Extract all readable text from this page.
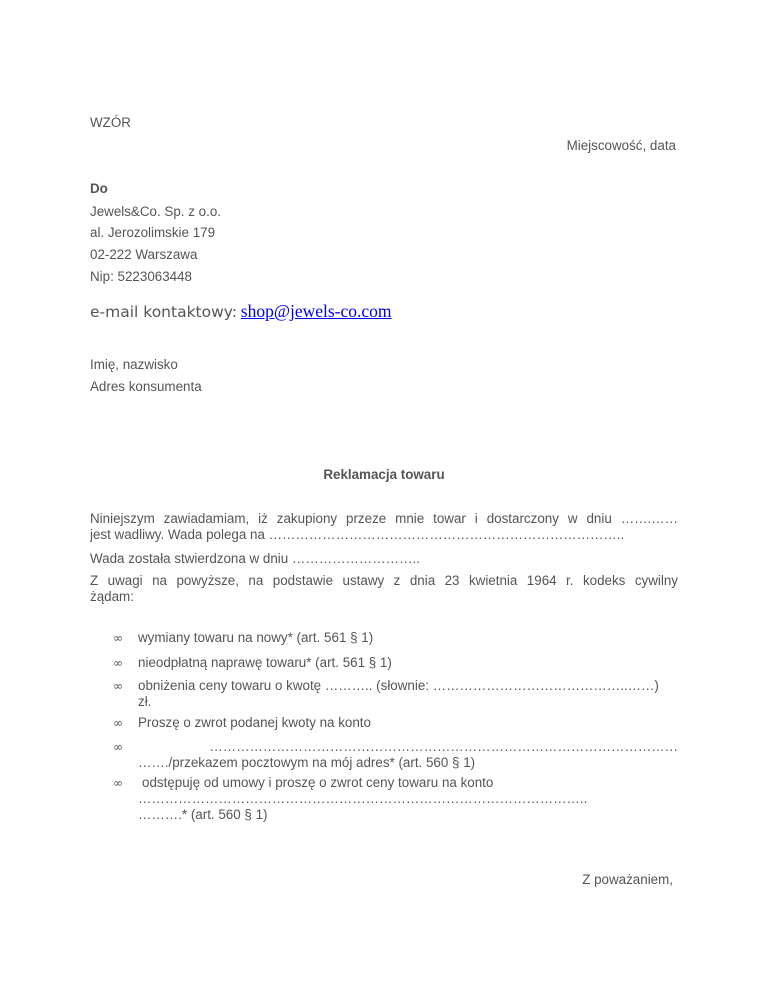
WZÓR
Miejscowość, data
Do
Jewels&Co. Sp. z o.o.
al. Jerozolimskie 179
02-222 Warszawa
Nip: 5223063448
e-mail kontaktowy: shop@jewels-co.com
Imię, nazwisko
Adres konsumenta
Reklamacja towaru
Niniejszym zawiadamiam, iż zakupiony przeze mnie towar i dostarczony w dniu …….……
jest wadliwy. Wada polega na ……………………………………………………………………..
Wada została stwierdzona w dniu ………………………..
Z uwagi na powyższe, na podstawie ustawy z dnia 23 kwietnia 1964 r. kodeks cywilny
żądam:
∞ wymiany towaru na nowy* (art. 561 § 1)
∞ nieodpłatną naprawę towaru* (art. 561 § 1)
∞ obniżenia ceny towaru o kwotę ……….. (słownie: ……………………………………..……)
zł.
∞ Proszę o zwrot podanej kwoty na konto
∞	……………………………………………………………………………………………
……./przekazem pocztowym na mój adres* (art. 560 § 1)
∞ odstępuję od umowy i proszę o zwrot ceny towaru na konto
………………………………………………………………………………………..
……….* (art. 560 § 1)
Z poważaniem,
